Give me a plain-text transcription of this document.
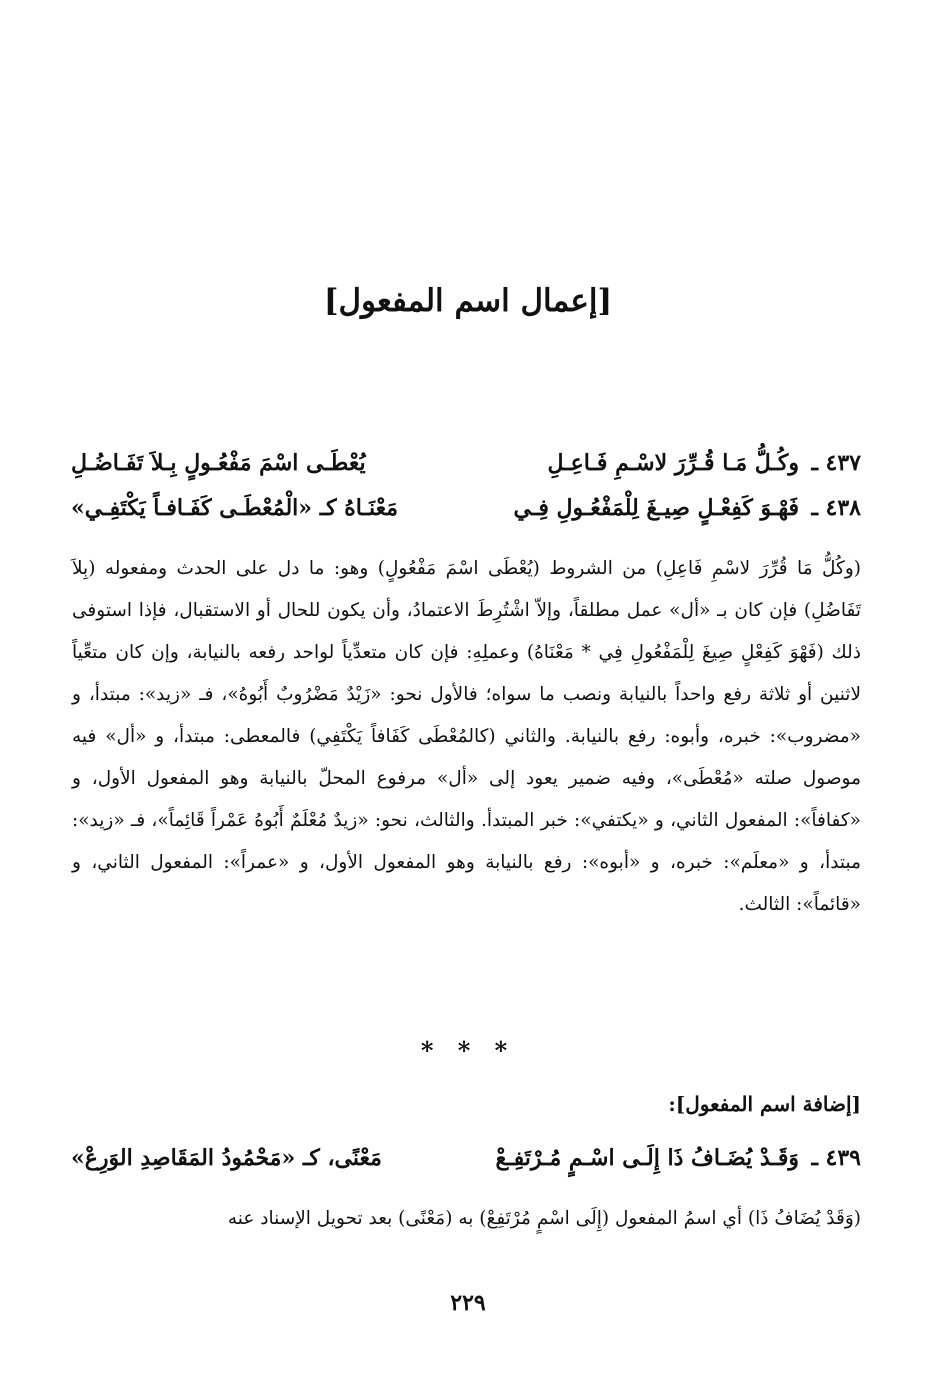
[إعمال اسم المفعول]
٤٣٧ ـ
وكُـلُّ مَـا قُـرِّرَ لاسْـمِ فَـاعِـلِ
يُعْطَـى اسْمَ مَفْعُـولٍ بِـلاَ تَفَـاضُـلِ
٤٣٨ ـ
فَهْـوَ كَفِعْـلٍ صِيـغَ لِلْمَفْعُـولِ فِـي
مَعْنَـاهُ كـ «الْمُعْطَـى كَفَـافـاً يَكْتَفِـي»

(وكُلُّ مَا قُرِّرَ لاسْمِ فَاعِلِ) من الشروط (يُعْطَى اسْمَ مَفْعُولٍ) وهو: ما دل على الحدث ومفعوله (بِلاَ تَفَاضُلِ) فإن كان بـ «أل» عمل مطلقاً، وإلاّ اشْتُرِطَ الاعتمادُ، وأن يكون للحال أو الاستقبال، فإذا استوفى ذلك (فَهْوَ كَفِعْلٍ صِيغَ لِلْمَفْعُولِ فِي * مَعْنَاهُ) وعملِهِ: فإن كان متعدِّياً لواحد رفعه بالنيابة، وإن كان متعِّياً لاثنين أو ثلاثة رفع واحداً بالنيابة ونصب ما سواه؛ فالأول نحو: «زَيْدٌ مَضْرُوبٌ أَبُوهُ»، فـ «زيد»: مبتدأ، و «مضروب»: خبره، وأبوه: رفع بالنيابة. والثاني (كالمُعْطَى كَفَافاً يَكْتَفِي) فالمعطى: مبتدأ، و «أل» فيه موصول صلته «مُعْطَى»، وفيه ضمير يعود إلى «أل» مرفوع المحلّ بالنيابة وهو المفعول الأول، و «كفافاً»: المفعول الثاني، و «يكتفي»: خبر المبتدأ. والثالث، نحو: «زيدٌ مُعْلَمٌ أَبُوهُ عَمْراً قَائِماً»، فـ «زيد»: مبتدأ، و «معلَم»: خبره، و «أبوه»: رفع بالنيابة وهو المفعول الأول، و «عمراً»: المفعول الثاني، و «قائماً»: الثالث.

* * *
[إضافة اسم المفعول]:
٤٣٩ ـ
وَقَـدْ يُضَـافُ ذَا إِلَـى اسْـمٍ مُـرْتَفِـعْ
مَعْنًى، كـ «مَحْمُودُ المَقَاصِدِ الوَرِعْ»
(وَقَدْ يُضَافُ ذَا) أي اسمُ المفعول (إِلَى اسْمٍ مُرْتَفِعْ) به (مَعْنًى) بعد تحويل الإسناد عنه
٢٢٩
